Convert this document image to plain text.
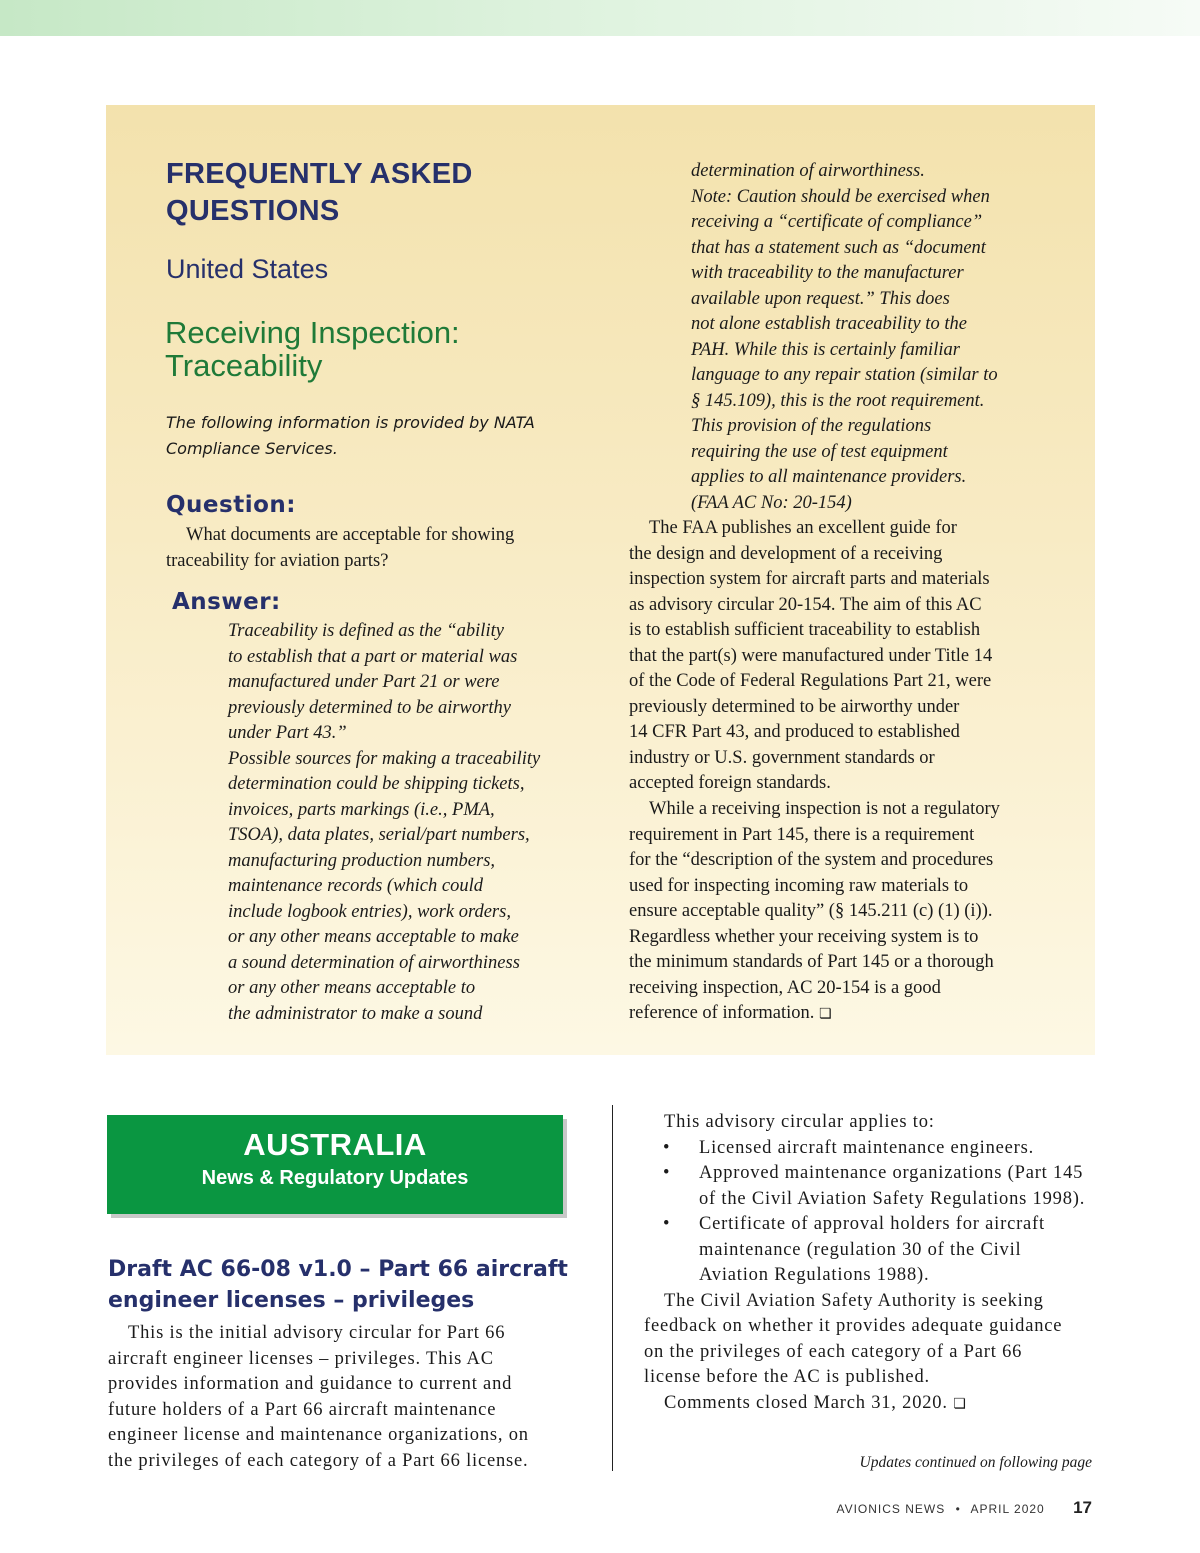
FREQUENTLY ASKED
QUESTIONS
United States
Receiving Inspection:
Traceability
The following information is provided by NATA
Compliance Services.
Question:
What documents are acceptable for showing traceability for aviation parts?
Answer:
Traceability is defined as the “ability
to establish that a part or material was
manufactured under Part 21 or were
previously determined to be airworthy
under Part 43.”
Possible sources for making a traceability
determination could be shipping tickets,
invoices, parts markings (i.e., PMA,
TSOA), data plates, serial/part numbers,
manufacturing production numbers,
maintenance records (which could
include logbook entries), work orders,
or any other means acceptable to make
a sound determination of airworthiness
or any other means acceptable to
the administrator to make a sound
determination of airworthiness.
Note: Caution should be exercised when
receiving a “certificate of compliance”
that has a statement such as “document
with traceability to the manufacturer
available upon request.” This does
not alone establish traceability to the
PAH. While this is certainly familiar
language to any repair station (similar to
§ 145.109), this is the root requirement.
This provision of the regulations
requiring the use of test equipment
applies to all maintenance providers.
(FAA AC No: 20-154)
The FAA publishes an excellent guide for
the design and development of a receiving
inspection system for aircraft parts and materials
as advisory circular 20-154. The aim of this AC
is to establish sufficient traceability to establish
that the part(s) were manufactured under Title 14
of the Code of Federal Regulations Part 21, were
previously determined to be airworthy under
14 CFR Part 43, and produced to established
industry or U.S. government standards or
accepted foreign standards.
While a receiving inspection is not a regulatory
requirement in Part 145, there is a requirement
for the “description of the system and procedures
used for inspecting incoming raw materials to
ensure acceptable quality” (§ 145.211 (c) (1) (i)).
Regardless whether your receiving system is to
the minimum standards of Part 145 or a thorough
receiving inspection, AC 20-154 is a good
reference of information. ❏
AUSTRALIA
News & Regulatory Updates
Draft AC 66-08 v1.0 – Part 66 aircraft
engineer licenses – privileges
This is the initial advisory circular for Part 66
aircraft engineer licenses – privileges. This AC
provides information and guidance to current and
future holders of a Part 66 aircraft maintenance
engineer license and maintenance organizations, on
the privileges of each category of a Part 66 license.
This advisory circular applies to:
• Licensed aircraft maintenance engineers.
• Approved maintenance organizations (Part 145
of the Civil Aviation Safety Regulations 1998).
• Certificate of approval holders for aircraft
maintenance (regulation 30 of the Civil
Aviation Regulations 1988).
The Civil Aviation Safety Authority is seeking
feedback on whether it provides adequate guidance
on the privileges of each category of a Part 66
license before the AC is published.
Comments closed March 31, 2020. ❏
Updates continued on following page
AVIONICS NEWS • APRIL 2020 17
